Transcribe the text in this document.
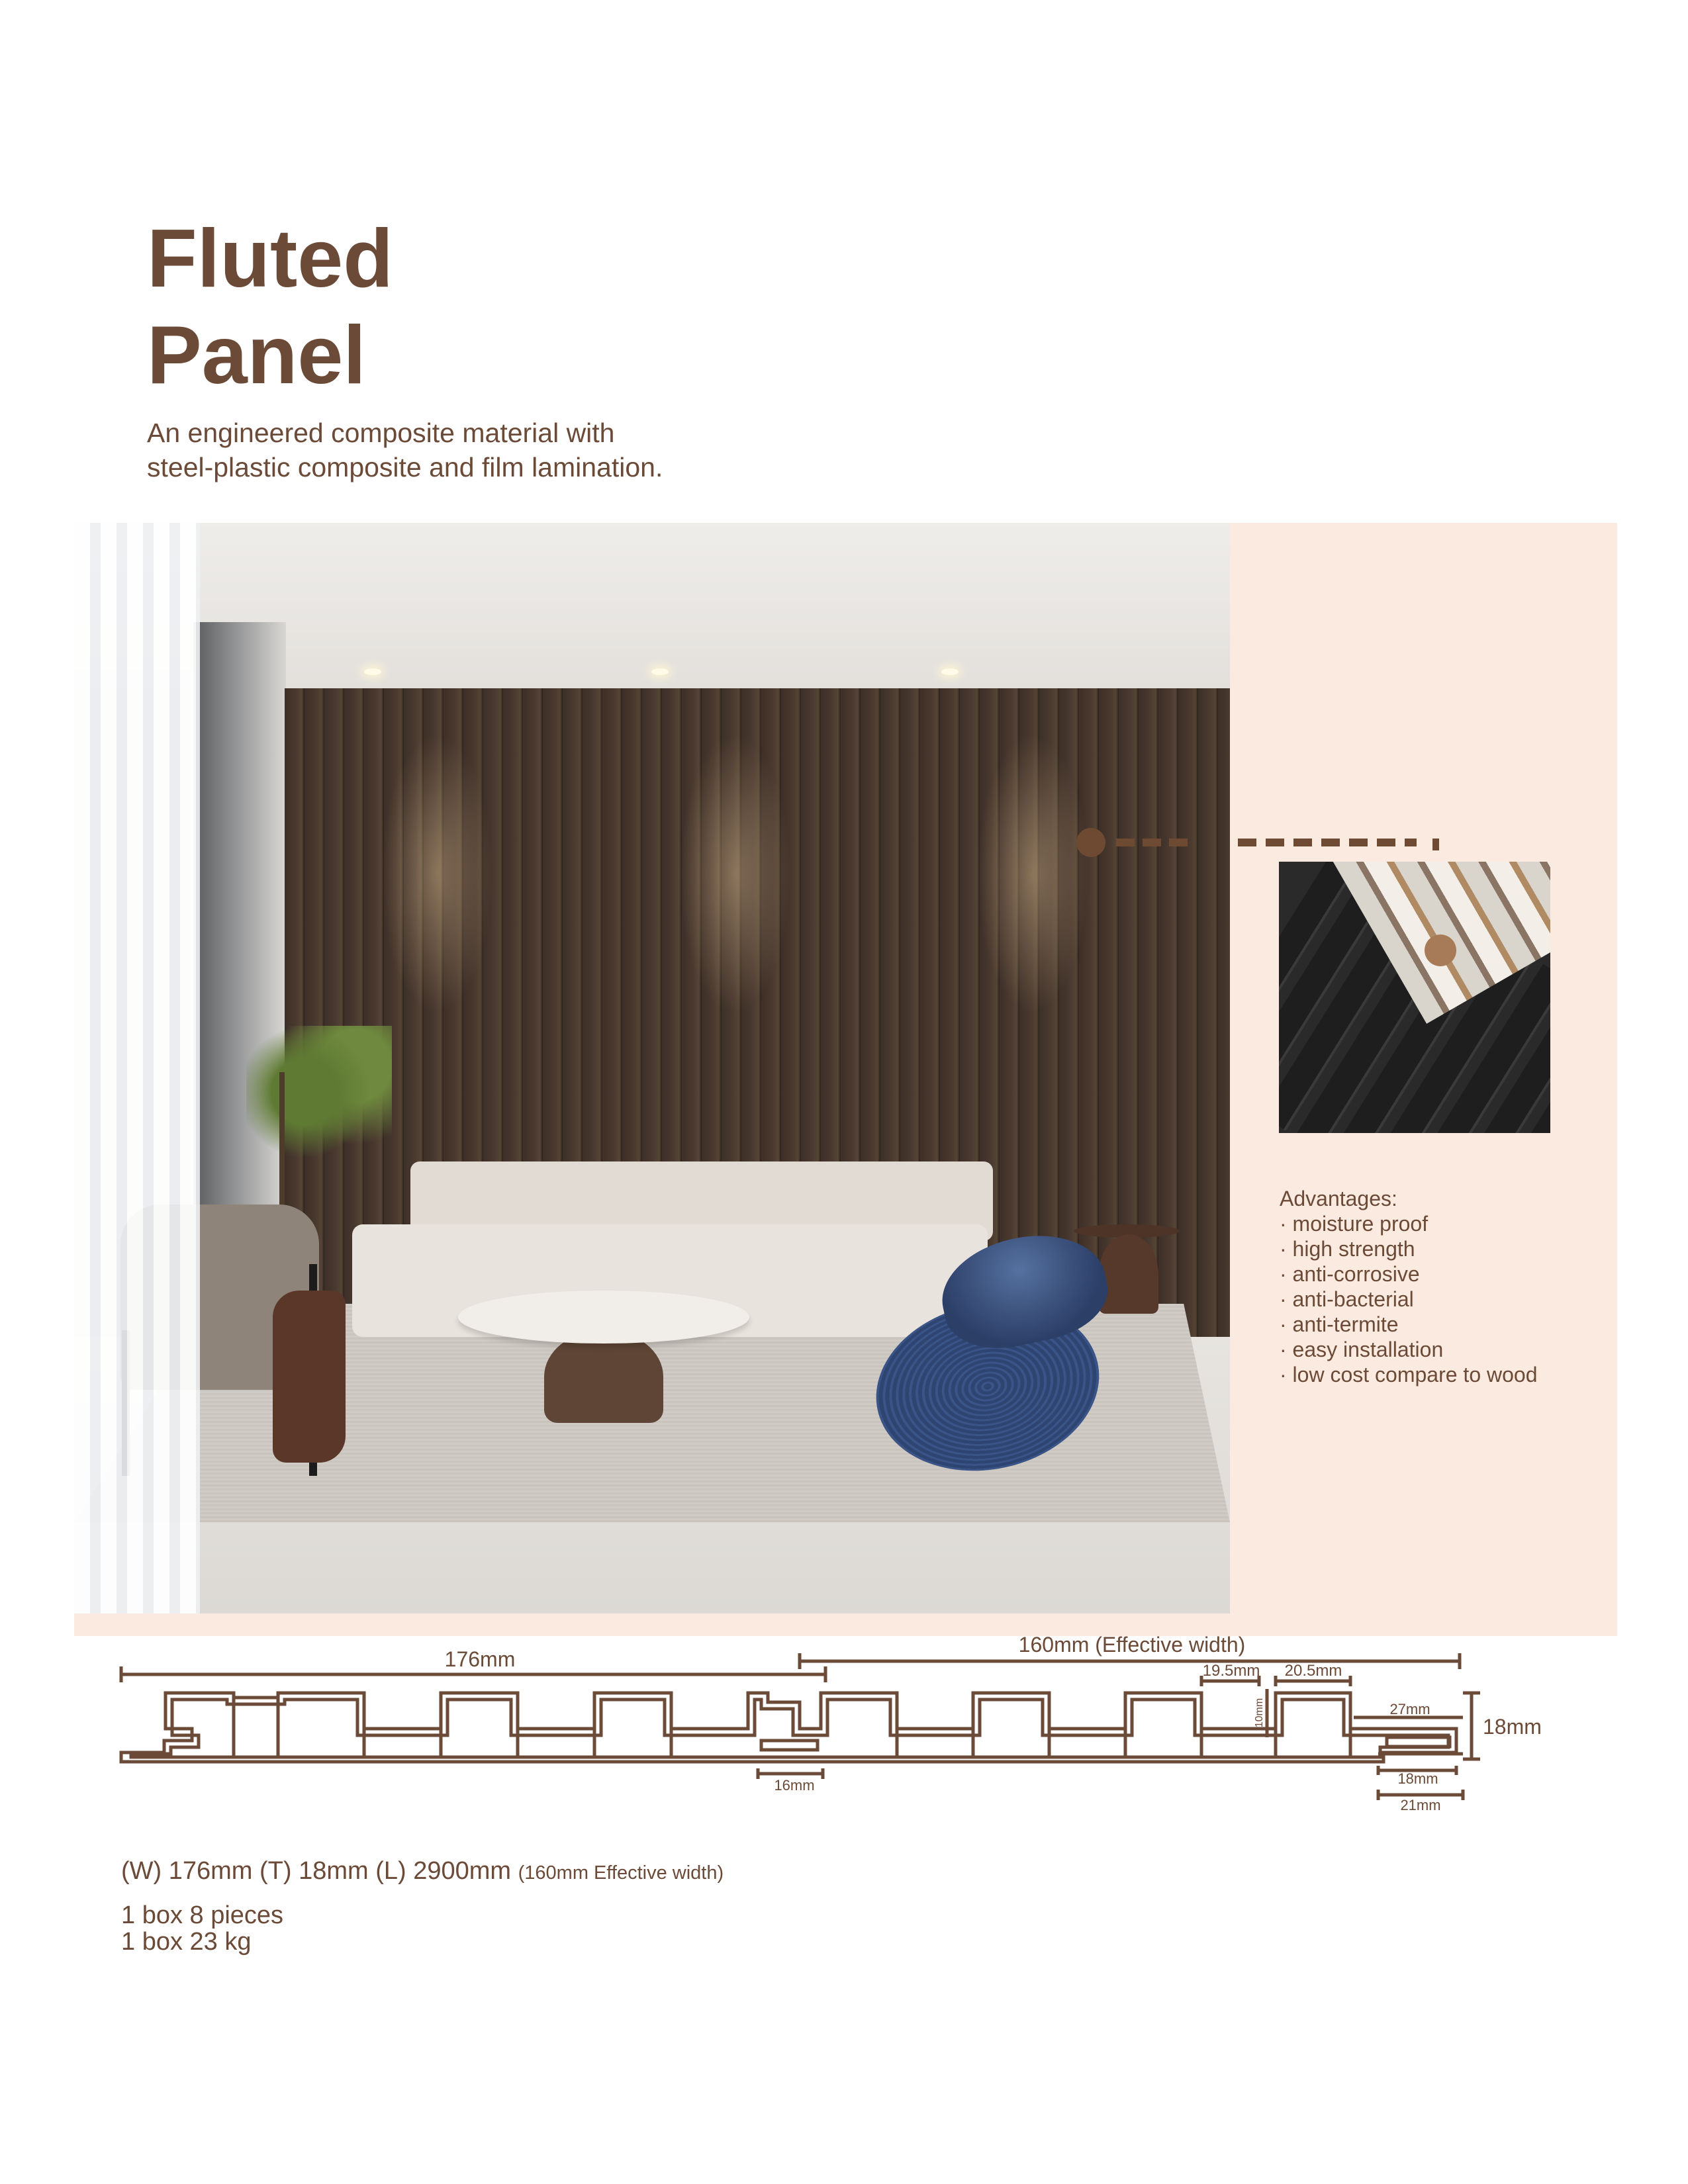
Fluted
Panel
An engineered composite material with
steel-plastic composite and film lamination.
Advantages:
· moisture proof
· high strength
· anti-corrosive
· anti-bacterial
· anti-termite
· easy installation
· low cost compare to wood
176mm
160mm (Effective width)
19.5mm 20.5mm
10mm	27mm
18mm
18mm
21mm
16mm
(W) 176mm (T) 18mm (L) 2900mm (160mm Effective width)
1 box 8 pieces
1 box 23 kg
